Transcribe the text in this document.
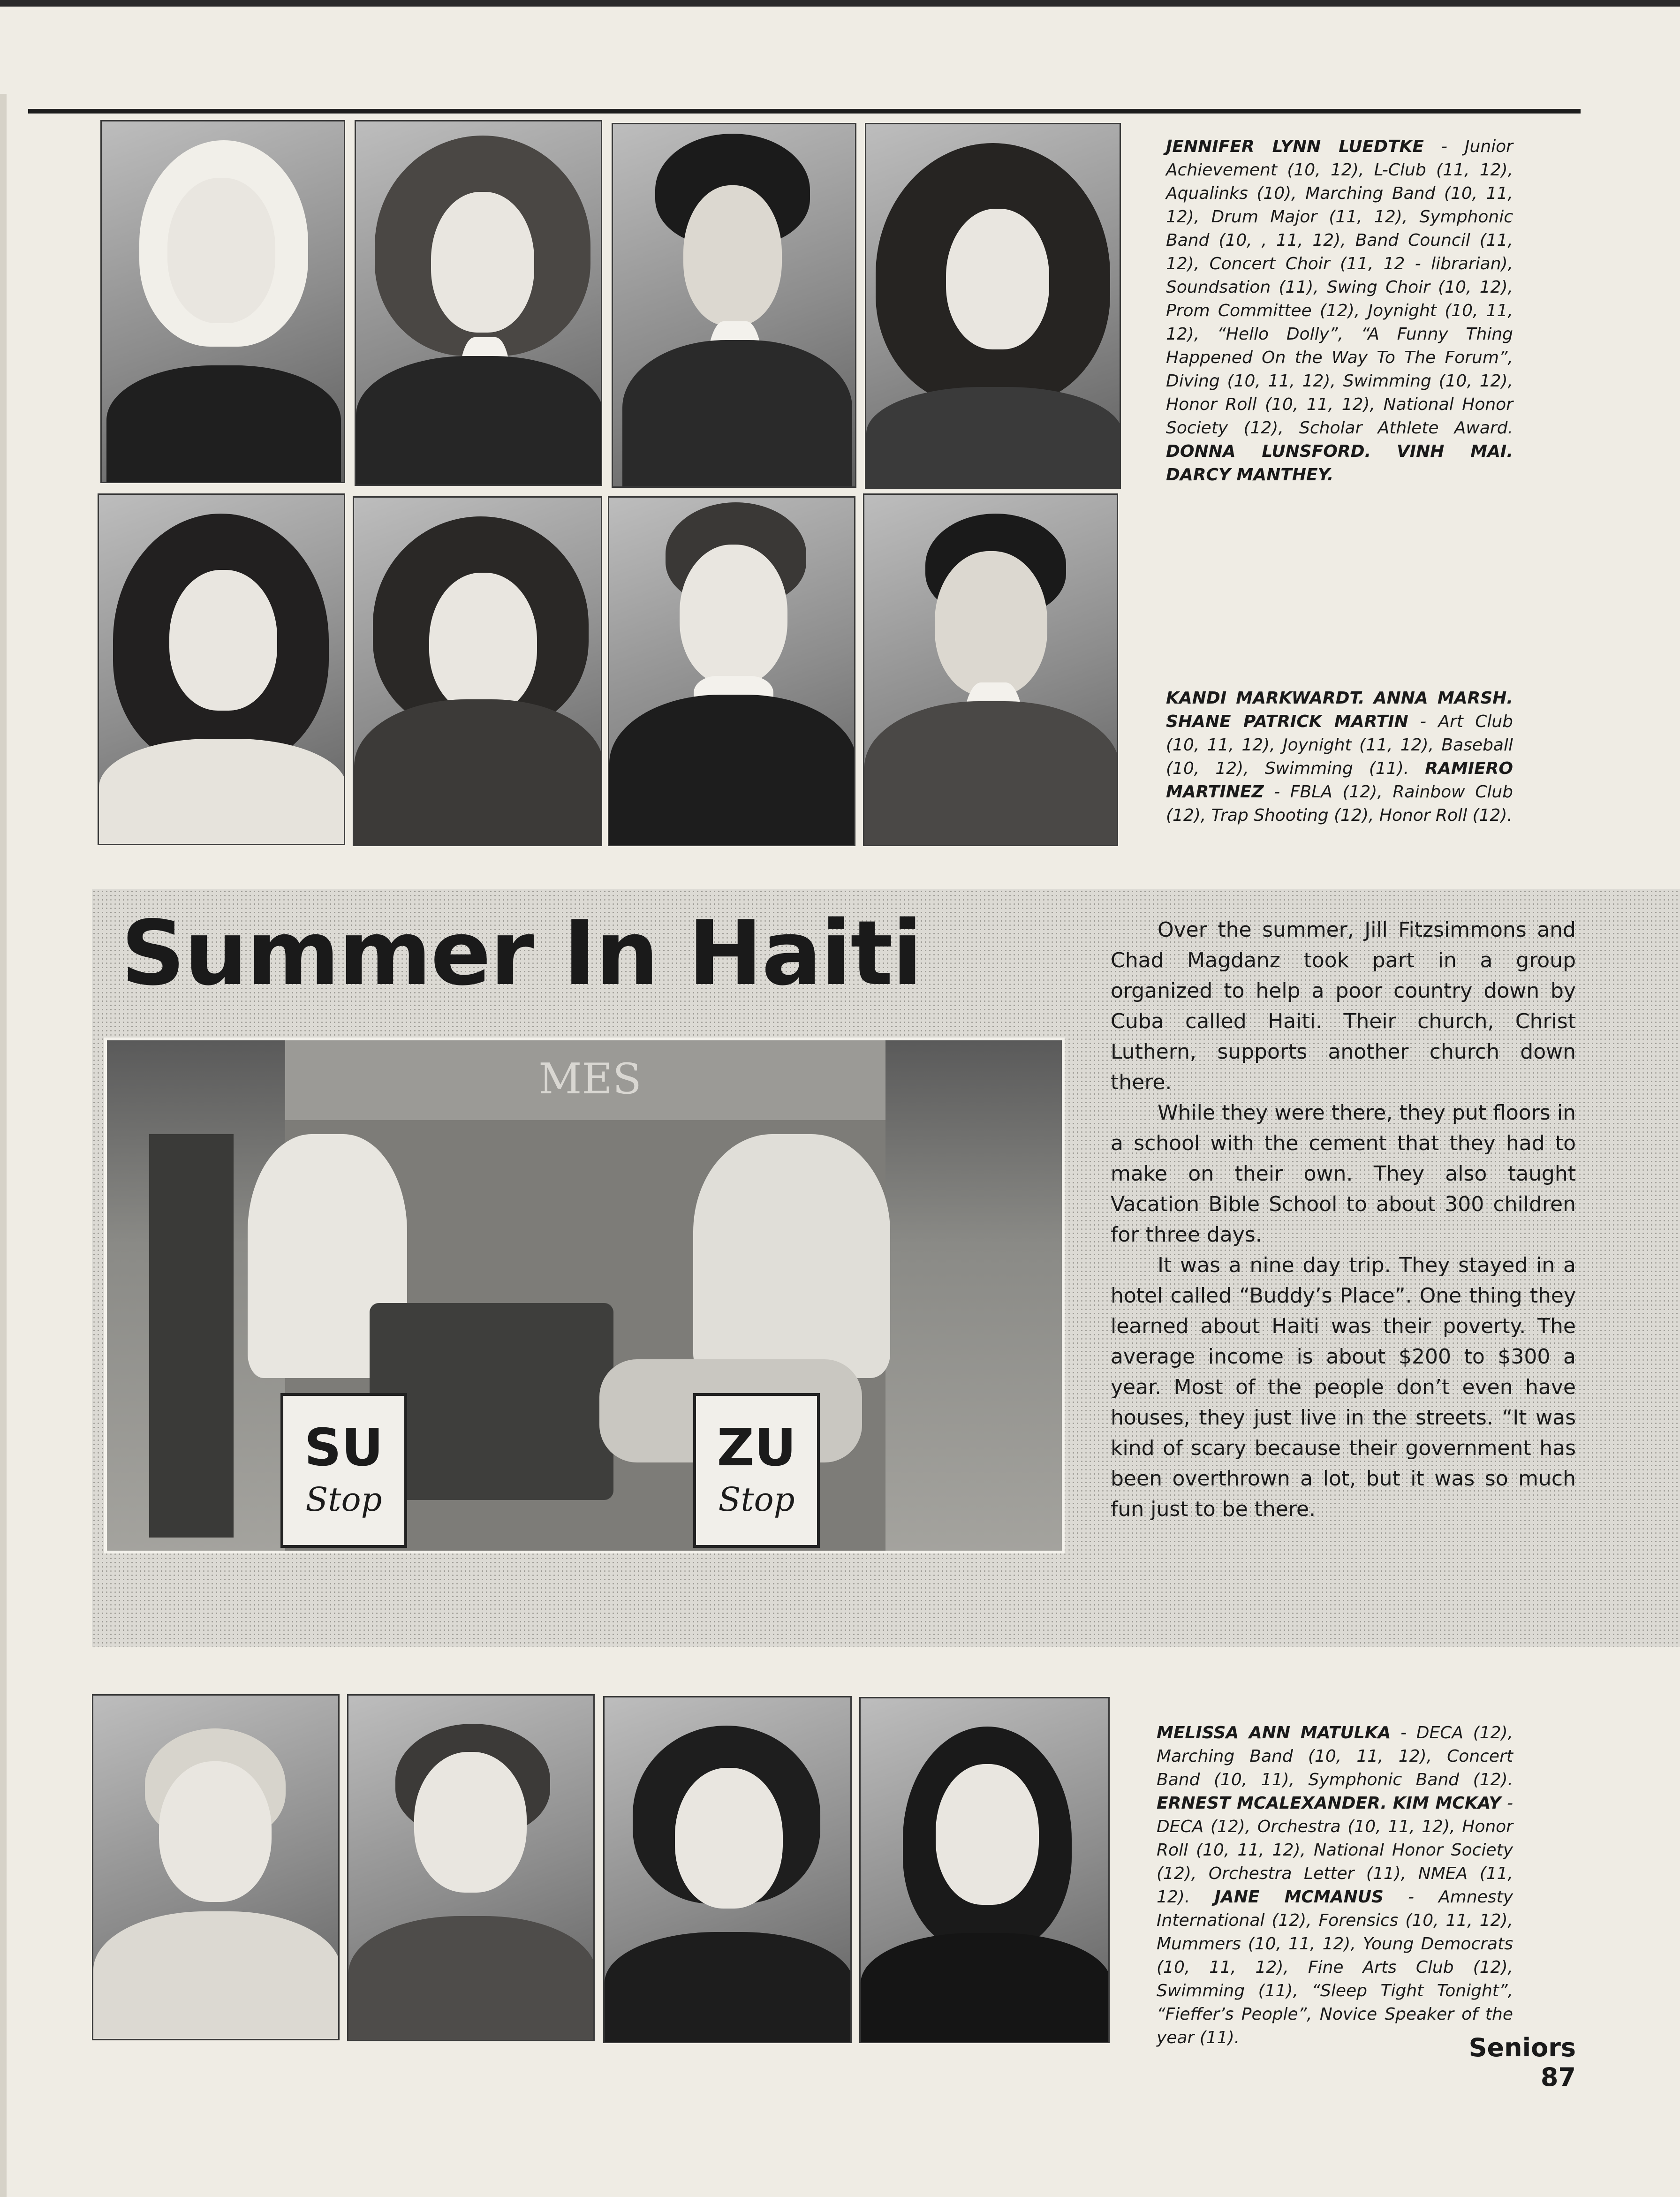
JENNIFER LYNN LUEDTKE - Junior Achievement (10, 12), L-Club (11, 12), Aqualinks (10), Marching Band (10, 11, 12), Drum Major (11, 12), Symphonic Band (10, , 11, 12), Band Council (11, 12), Concert Choir (11, 12 - librarian), Soundsation (11), Swing Choir (10, 12), Prom Committee (12), Joynight (10, 11, 12), “Hello Dolly”, “A Funny Thing Happened On the Way To The Forum”, Diving (10, 11, 12), Swimming (10, 12), Honor Roll (10, 11, 12), National Honor Society (12), Scholar Athlete Award. DONNA LUNSFORD. VINH MAI. DARCY MANTHEY.
KANDI MARKWARDT. ANNA MARSH. SHANE PATRICK MARTIN - Art Club (10, 11, 12), Joynight (11, 12), Baseball (10, 12), Swimming (11). RAMIERO MARTINEZ - FBLA (12), Rainbow Club (12), Trap Shooting (12), Honor Roll (12).
Summer In Haiti
MES
SU
Stop
ZU
Stop

Over the summer, Jill Fitzsimmons and Chad Magdanz took part in a group organized to help a poor country down by Cuba called Haiti. Their church, Christ Luthern, supports another church down there.

While they were there, they put floors in a school with the cement that they had to make on their own. They also taught Vacation Bible School to about 300 children for three days.

It was a nine day trip. They stayed in a hotel called “Buddy’s Place”. One thing they learned about Haiti was their poverty. The average income is about $200 to $300 a year. Most of the people don’t even have houses, they just live in the streets. “It was kind of scary because their government has been overthrown a lot, but it was so much fun just to be there.

MELISSA ANN MATULKA - DECA (12), Marching Band (10, 11, 12), Concert Band (10, 11), Symphonic Band (12). ERNEST MCALEXANDER. KIM MCKAY - DECA (12), Orchestra (10, 11, 12), Honor Roll (10, 11, 12), National Honor Society (12), Orchestra Letter (11), NMEA (11, 12). JANE MCMANUS - Amnesty International (12), Forensics (10, 11, 12), Mummers (10, 11, 12), Young Democrats (10, 11, 12), Fine Arts Club (12), Swimming (11), “Sleep Tight Tonight”, “Fieffer’s People”, Novice Speaker of the year (11).	Seniors 87
